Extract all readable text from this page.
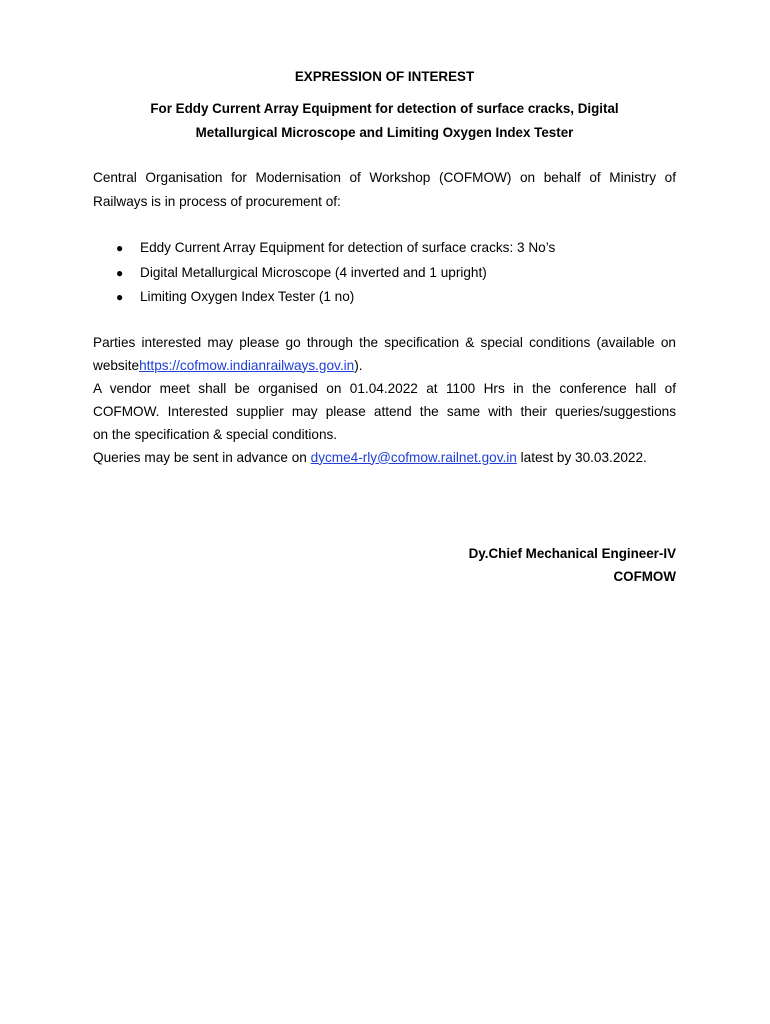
EXPRESSION OF INTEREST
For Eddy Current Array Equipment for detection of surface cracks, Digital
Metallurgical Microscope and Limiting Oxygen Index Tester

Central Organisation for Modernisation of Workshop (COFMOW) on behalf of Ministry of Railways is in process of procurement of:

● Eddy Current Array Equipment for detection of surface cracks: 3 No’s
● Digital Metallurgical Microscope (4 inverted and 1 upright)
● Limiting Oxygen Index Tester (1 no)
Parties interested may please go through the specification & special conditions (available on
websitehttps://cofmow.indianrailways.gov.in).
A vendor meet shall be organised on 01.04.2022 at 1100 Hrs in the conference hall of
COFMOW. Interested supplier may please attend the same with their queries/suggestions
on the specification & special conditions.
Queries may be sent in advance on dycme4-rly@cofmow.railnet.gov.in latest by 30.03.2022.
Dy.Chief Mechanical Engineer-IV
COFMOW
